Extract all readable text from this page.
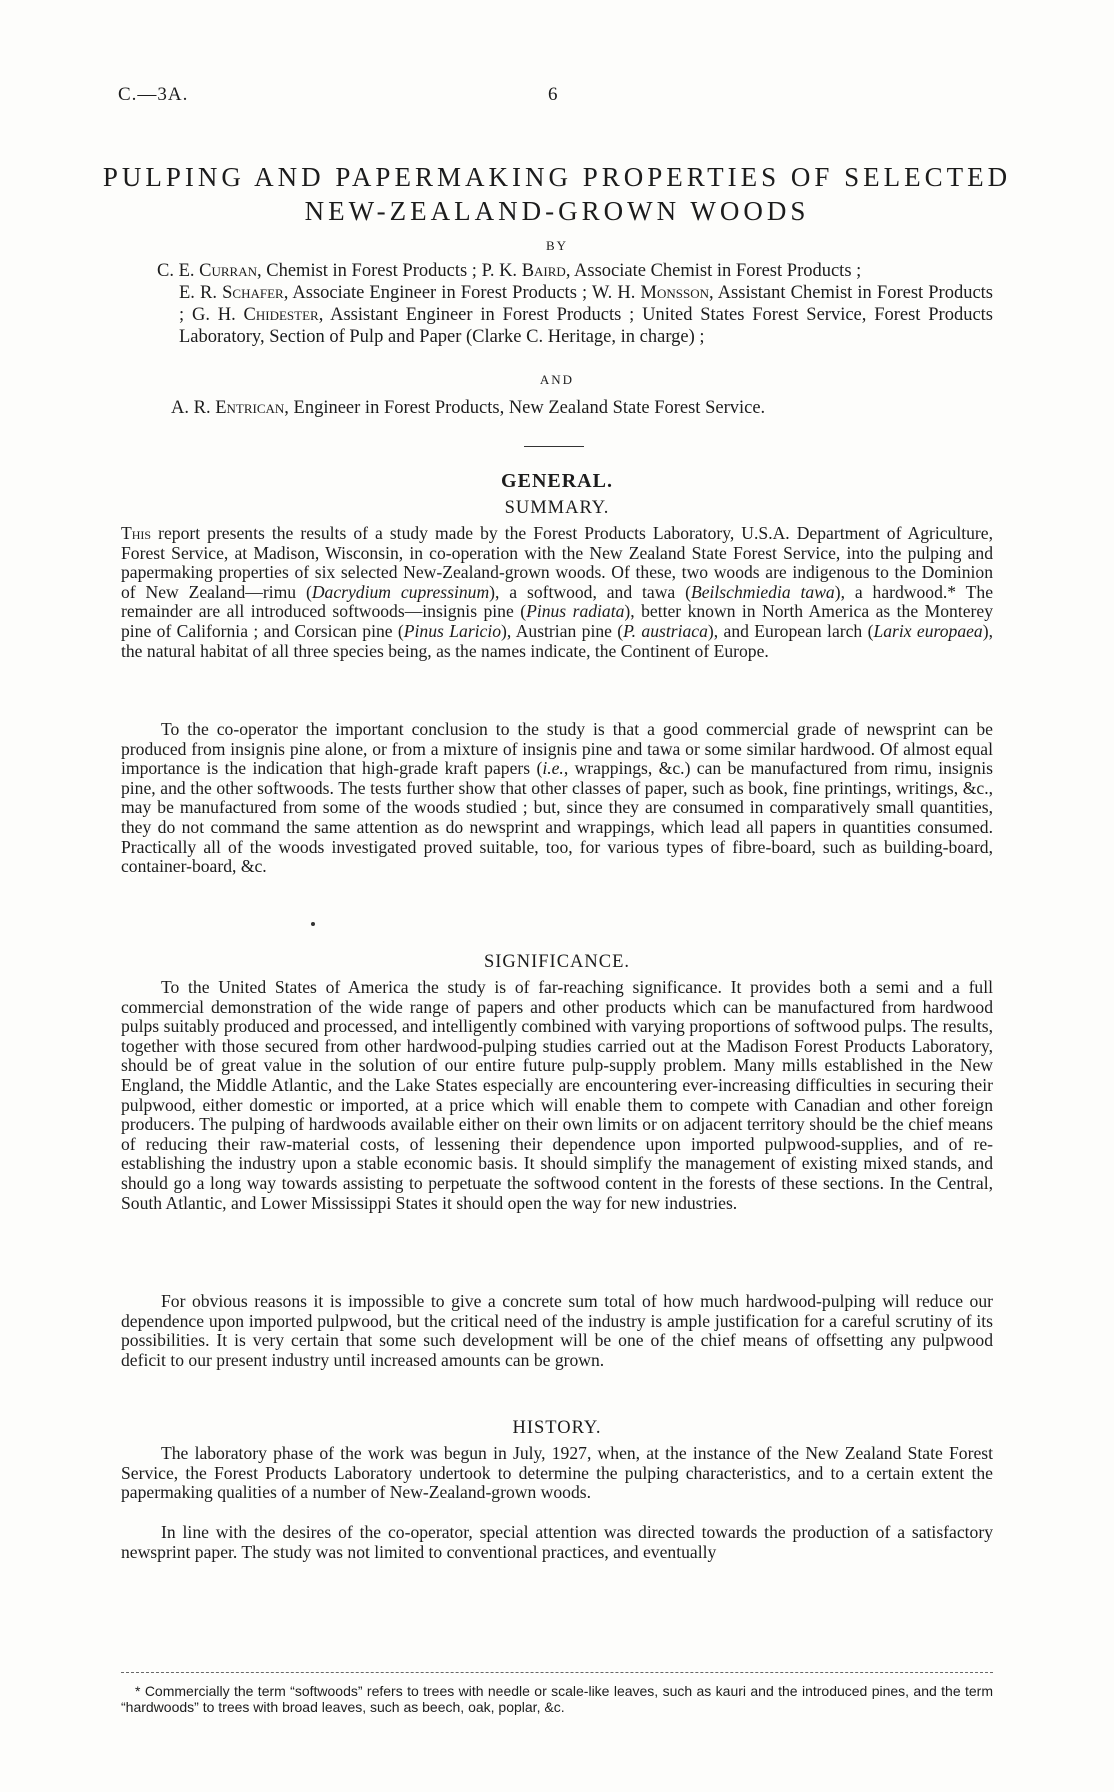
C.—3A.	6
PULPING AND PAPERMAKING PROPERTIES OF SELECTED
NEW-ZEALAND-GROWN WOODS
BY

C. E. Curran, Chemist in Forest Products ; P. K. Baird, Associate Chemist in Forest Products ;

E. R. Schafer, Associate Engineer in Forest Products ; W. H. Monsson, Assistant Chemist in Forest Products ; G. H. Chidester, Assistant Engineer in Forest Products ; United States Forest Service, Forest Products Laboratory, Section of Pulp and Paper (Clarke C. Heritage, in charge) ;

AND
A. R. Entrican, Engineer in Forest Products, New Zealand State Forest Service.
GENERAL.
SUMMARY.

This report presents the results of a study made by the Forest Products Laboratory, U.S.A. Department of Agriculture, Forest Service, at Madison, Wisconsin, in co-operation with the New Zealand State Forest Service, into the pulping and papermaking properties of six selected New-Zealand-grown woods. Of these, two woods are indigenous to the Dominion of New Zealand—rimu (Dacrydium cupressinum), a softwood, and tawa (Beilschmiedia tawa), a hardwood.* The remainder are all introduced softwoods—insignis pine (Pinus radiata), better known in North America as the Monterey pine of California ; and Corsican pine (Pinus Laricio), Austrian pine (P. austriaca), and European larch (Larix europaea), the natural habitat of all three species being, as the names indicate, the Continent of Europe.

To the co-operator the important conclusion to the study is that a good commercial grade of newsprint can be produced from insignis pine alone, or from a mixture of insignis pine and tawa or some similar hardwood. Of almost equal importance is the indication that high-grade kraft papers (i.e., wrappings, &c.) can be manufactured from rimu, insignis pine, and the other softwoods. The tests further show that other classes of paper, such as book, fine printings, writings, &c., may be manufactured from some of the woods studied ; but, since they are consumed in comparatively small quantities, they do not command the same attention as do newsprint and wrappings, which lead all papers in quantities consumed. Practically all of the woods investigated proved suitable, too, for various types of fibre-board, such as building-board, container-board, &c.

SIGNIFICANCE.

To the United States of America the study is of far-reaching significance. It provides both a semi and a full commercial demonstration of the wide range of papers and other products which can be manufactured from hardwood pulps suitably produced and processed, and intelligently combined with varying proportions of softwood pulps. The results, together with those secured from other hardwood-pulping studies carried out at the Madison Forest Products Laboratory, should be of great value in the solution of our entire future pulp-supply problem. Many mills established in the New England, the Middle Atlantic, and the Lake States especially are encountering ever-increasing difficulties in securing their pulpwood, either domestic or imported, at a price which will enable them to compete with Canadian and other foreign producers. The pulping of hardwoods available either on their own limits or on adjacent territory should be the chief means of reducing their raw-material costs, of lessening their dependence upon imported pulpwood-supplies, and of re-establishing the industry upon a stable economic basis. It should simplify the management of existing mixed stands, and should go a long way towards assisting to perpetuate the softwood content in the forests of these sections. In the Central, South Atlantic, and Lower Mississippi States it should open the way for new industries.

For obvious reasons it is impossible to give a concrete sum total of how much hardwood-pulping will reduce our dependence upon imported pulpwood, but the critical need of the industry is ample justification for a careful scrutiny of its possibilities. It is very certain that some such development will be one of the chief means of offsetting any pulpwood deficit to our present industry until increased amounts can be grown.

HISTORY.

The laboratory phase of the work was begun in July, 1927, when, at the instance of the New Zealand State Forest Service, the Forest Products Laboratory undertook to determine the pulping characteristics, and to a certain extent the papermaking qualities of a number of New-Zealand-grown woods.

In line with the desires of the co-operator, special attention was directed towards the production of a satisfactory newsprint paper. The study was not limited to conventional practices, and eventually

* Commercially the term “softwoods” refers to trees with needle or scale-like leaves, such as kauri and the introduced pines, and the term “hardwoods” to trees with broad leaves, such as beech, oak, poplar, &c.
